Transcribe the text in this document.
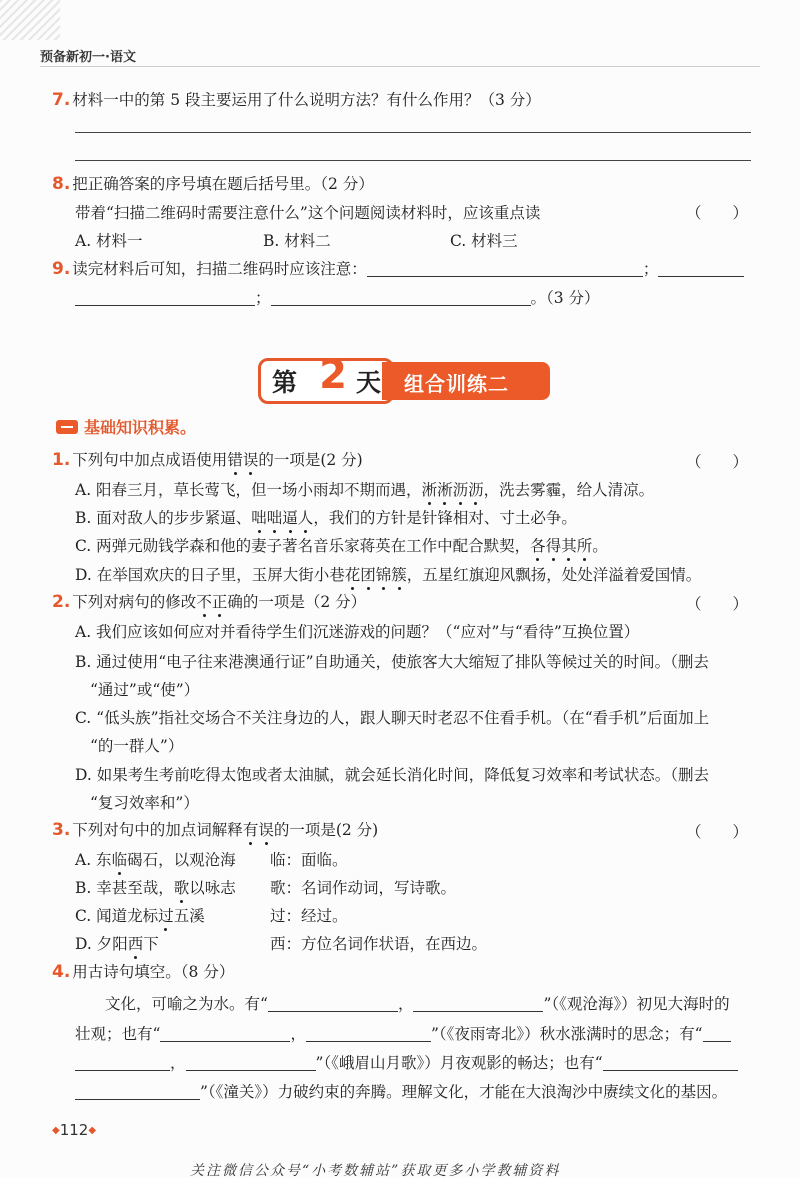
预备新初一·语文
7. 材料一中的第 5 段主要运用了什么说明方法？有什么作用？（3 分）
8. 把正确答案的序号填在题后括号里。（2 分）
带着“扫描二维码时需要注意什么”这个问题阅读材料时，应该重点读	（　　）
A. 材料一	B. 材料二	C. 材料三
9. 读完材料后可知，扫描二维码时应该注意：	；
；	。（3 分）
第 2 天 组合训练二
基础知识积累。
1. 下列句中加点成语使用错误的一项是(2 分)	（　　）
A. 阳春三月，草长莺飞，但一场小雨却不期而遇，淅淅沥沥，洗去雾霾，给人清凉。
B. 面对敌人的步步紧逼、咄咄逼人，我们的方针是针锋相对、寸土必争。
C. 两弹元勋钱学森和他的妻子著名音乐家蒋英在工作中配合默契，各得其所。
D. 在举国欢庆的日子里，玉屏大街小巷花团锦簇，五星红旗迎风飘扬，处处洋溢着爱国情。
2. 下列对病句的修改不正确的一项是（2 分）	（　　）
A. 我们应该如何应对并看待学生们沉迷游戏的问题？（“应对”与“看待”互换位置）
B. 通过使用“电子往来港澳通行证”自助通关，使旅客大大缩短了排队等候过关的时间。（删去
“通过”或“使”）
C. “低头族”指社交场合不关注身边的人，跟人聊天时老忍不住看手机。（在“看手机”后面加上
“的一群人”）
D. 如果考生考前吃得太饱或者太油腻，就会延长消化时间，降低复习效率和考试状态。（删去
“复习效率和”）
3. 下列对句中的加点词解释有误的一项是(2 分)	（　　）
A. 东临碣石，以观沧海 临：面临。
B. 幸甚至哉，歌以咏志 歌：名词作动词，写诗歌。
C. 闻道龙标过五溪	过：经过。
D. 夕阳西下	西：方位名词作状语，在西边。
4. 用古诗句填空。（8 分）
文化，可喻之为水。有“	，	”（《观沧海》）初见大海时的
壮观；也有“	，	”（《夜雨寄北》）秋水涨满时的思念；有“
，	”（《峨眉山月歌》）月夜观影的畅达；也有“
”（《潼关》）力破约束的奔腾。理解文化，才能在大浪淘沙中赓续文化的基因。
◆112◆
关注微信公众号“小考数辅站”获取更多小学教辅资料
